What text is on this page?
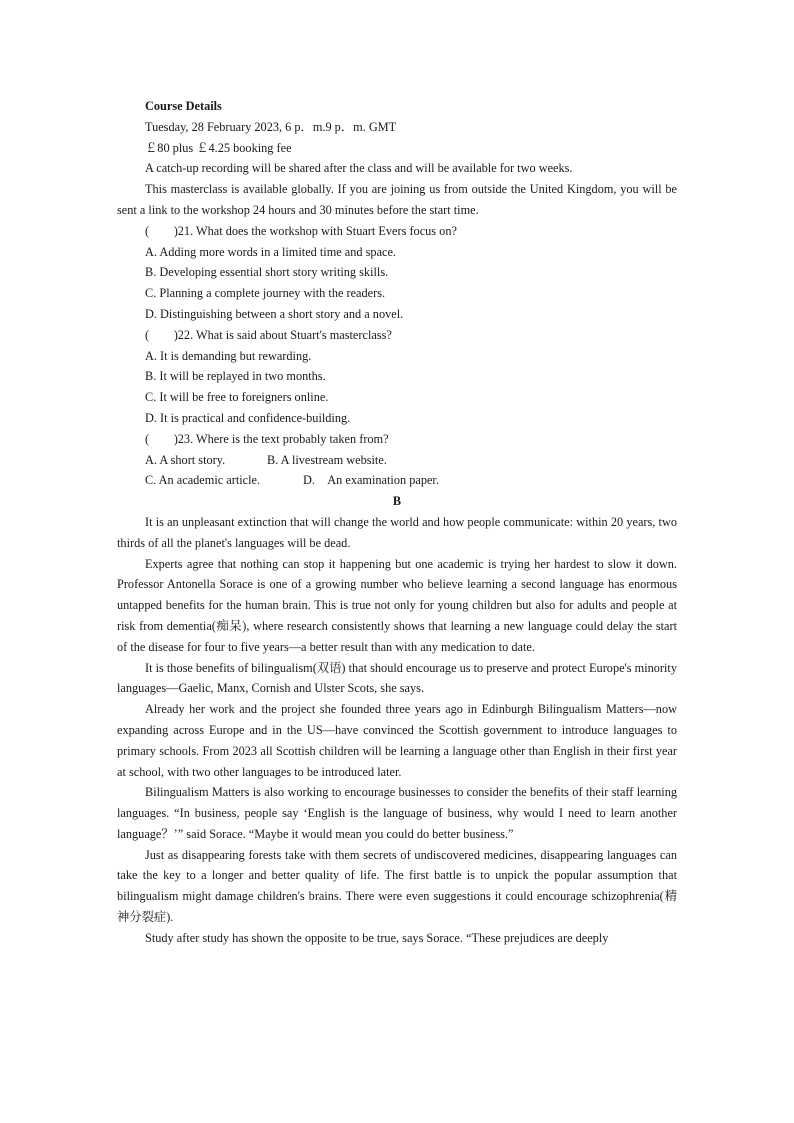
Course Details

Tuesday, 28 February 2023, 6 p．m.9 p．m. GMT

￡80 plus ￡4.25 booking fee

A catch-up recording will be shared after the class and will be available for two weeks.

This masterclass is available globally. If you are joining us from outside the United Kingdom, you will be sent a link to the workshop 24 hours and 30 minutes before the start time.

(　　)21. What does the workshop with Stuart Evers focus on?

A. Adding more words in a limited time and space.

B. Developing essential short story writing skills.

C. Planning a complete journey with the readers.

D. Distinguishing between a short story and a novel.

(　　)22. What is said about Stuart's masterclass?

A. It is demanding but rewarding.

B. It will be replayed in two months.

C. It will be free to foreigners online.

D. It is practical and confidence-building.

(　　)23. Where is the text probably taken from?

A. A short story.	B. A livestream website.
C. An academic article.	D.　An examination paper.

B

It is an unpleasant extinction that will change the world and how people communicate: within 20 years, two thirds of all the planet's languages will be dead.

Experts agree that nothing can stop it happening but one academic is trying her hardest to slow it down. Professor Antonella Sorace is one of a growing number who believe learning a second language has enormous untapped benefits for the human brain. This is true not only for young children but also for adults and people at risk from dementia(痴呆), where research consistently shows that learning a new language could delay the start of the disease for four to five years—a better result than with any medication to date.

It is those benefits of bilingualism(双语) that should encourage us to preserve and protect Europe's minority languages—Gaelic, Manx, Cornish and Ulster Scots, she says.

Already her work and the project she founded three years ago in Edinburgh Bilingualism Matters—now expanding across Europe and in the US—have convinced the Scottish government to introduce languages to primary schools. From 2023 all Scottish children will be learning a language other than English in their first year at school, with two other languages to be introduced later.

Bilingualism Matters is also working to encourage businesses to consider the benefits of their staff learning languages. “In business, people say ‘English is the language of business, why would I need to learn another language？’” said Sorace. “Maybe it would mean you could do better business.”

Just as disappearing forests take with them secrets of undiscovered medicines, disappearing languages can take the key to a longer and better quality of life. The first battle is to unpick the popular assumption that bilingualism might damage children's brains. There were even suggestions it could encourage schizophrenia(精神分裂症).

Study after study has shown the opposite to be true, says Sorace. “These prejudices are deeply
